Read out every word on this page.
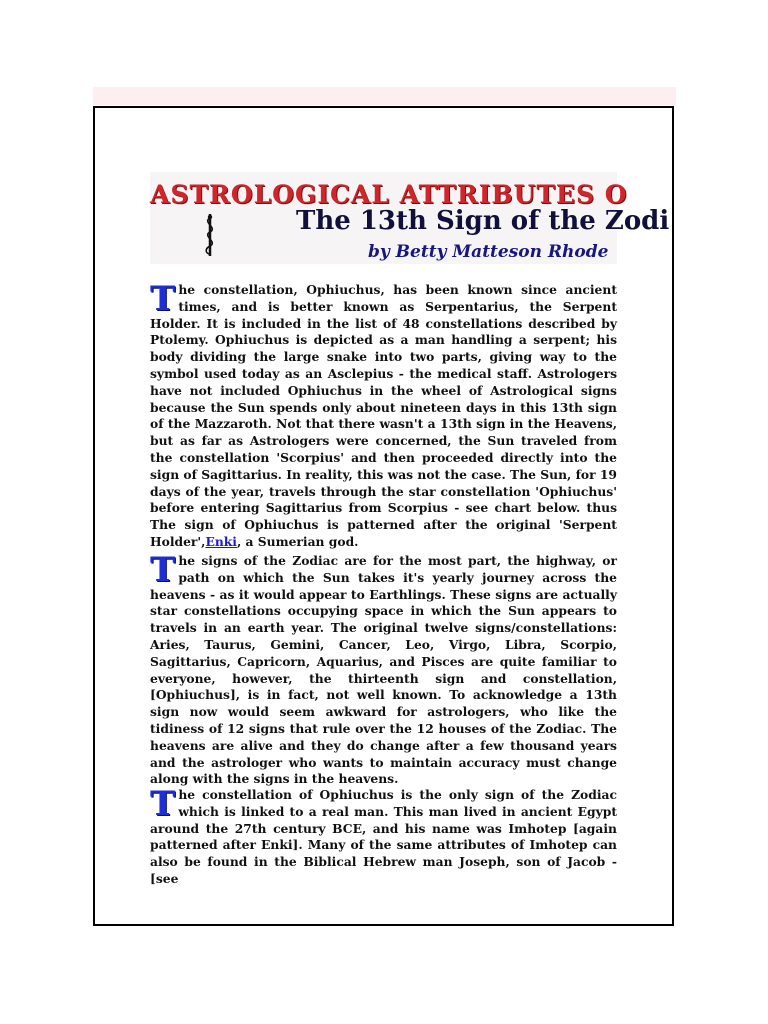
ASTROLOGICAL ATTRIBUTES O
The 13th Sign of the Zodi
by Betty Matteson Rhode

The constellation, Ophiuchus, has been known since ancient times, and is better known as Serpentarius, the Serpent Holder. It is included in the list of 48 constellations described by Ptolemy. Ophiuchus is depicted as a man handling a serpent; his body dividing the large snake into two parts, giving way to the symbol used today as an Asclepius - the medical staff. Astrologers have not included Ophiuchus in the wheel of Astrological signs because the Sun spends only about nineteen days in this 13th sign of the Mazzaroth. Not that there wasn't a 13th sign in the Heavens, but as far as Astrologers were concerned, the Sun traveled from the constellation 'Scorpius' and then proceeded directly into the sign of Sagittarius. In reality, this was not the case. The Sun, for 19 days of the year, travels through the star constellation 'Ophiuchus' before entering Sagittarius from Scorpius - see chart below. thus The sign of Ophiuchus is patterned after the original 'Serpent Holder',Enki, a Sumerian god.

The signs of the Zodiac are for the most part, the highway, or path on which the Sun takes it's yearly journey across the heavens - as it would appear to Earthlings. These signs are actually star constellations occupying space in which the Sun appears to travels in an earth year. The original twelve signs/constellations: Aries, Taurus, Gemini, Cancer, Leo, Virgo, Libra, Scorpio, Sagittarius, Capricorn, Aquarius, and Pisces are quite familiar to everyone, however, the thirteenth sign and constellation, [Ophiuchus], is in fact, not well known. To acknowledge a 13th sign now would seem awkward for astrologers, who like the tidiness of 12 signs that rule over the 12 houses of the Zodiac. The heavens are alive and they do change after a few thousand years and the astrologer who wants to maintain accuracy must change along with the signs in the heavens.

The constellation of Ophiuchus is the only sign of the Zodiac which is linked to a real man. This man lived in ancient Egypt around the 27th century BCE, and his name was Imhotep [again patterned after Enki]. Many of the same attributes of Imhotep can also be found in the Biblical Hebrew man Joseph, son of Jacob - [see
